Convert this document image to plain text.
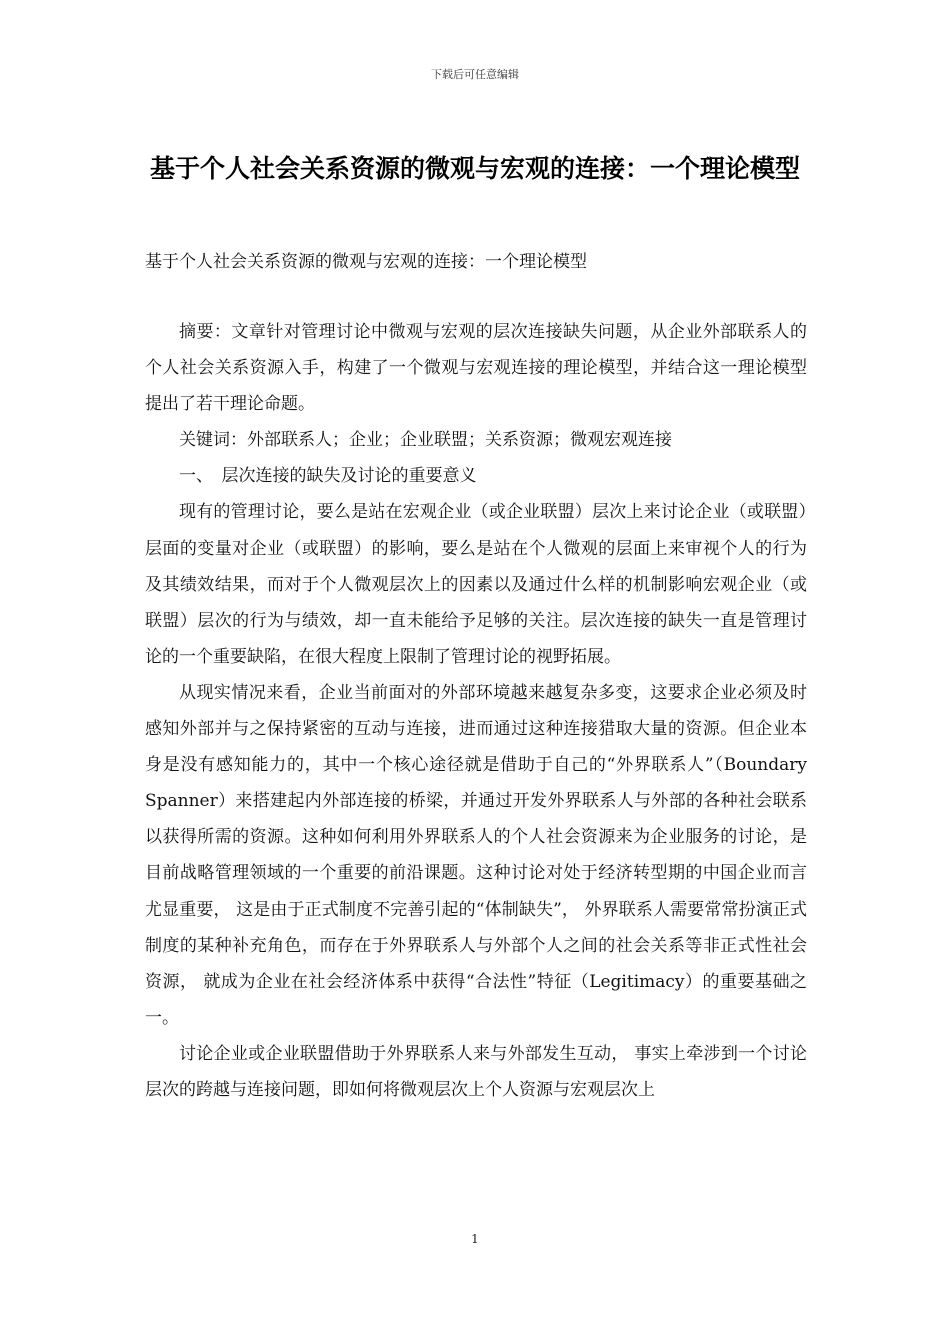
下载后可任意编辑
基于个人社会关系资源的微观与宏观的连接：一个理论模型
基于个人社会关系资源的微观与宏观的连接：一个理论模型

摘要：文章针对管理讨论中微观与宏观的层次连接缺失问题，从企业外部联系人的个人社会关系资源入手，构建了一个微观与宏观连接的理论模型，并结合这一理论模型提出了若干理论命题。

关键词：外部联系人；企业；企业联盟；关系资源；微观宏观连接

一、　层次连接的缺失及讨论的重要意义

现有的管理讨论，要么是站在宏观企业（或企业联盟）层次上来讨论企业（或联盟）层面的变量对企业（或联盟）的影响，要么是站在个人微观的层面上来审视个人的行为及其绩效结果，而对于个人微观层次上的因素以及通过什么样的机制影响宏观企业（或联盟）层次的行为与绩效，却一直未能给予足够的关注。层次连接的缺失一直是管理讨论的一个重要缺陷，在很大程度上限制了管理讨论的视野拓展。

从现实情况来看，企业当前面对的外部环境越来越复杂多变，这要求企业必须及时感知外部并与之保持紧密的互动与连接，进而通过这种连接猎取大量的资源。但企业本身是没有感知能力的，其中一个核心途径就是借助于自己的“外界联系人”（Boundary Spanner）来搭建起内外部连接的桥梁，并通过开发外界联系人与外部的各种社会联系以获得所需的资源。这种如何利用外界联系人的个人社会资源来为企业服务的讨论，是目前战略管理领域的一个重要的前沿课题。这种讨论对处于经济转型期的中国企业而言尤显重要， 这是由于正式制度不完善引起的“体制缺失”， 外界联系人需要常常扮演正式制度的某种补充角色，而存在于外界联系人与外部个人之间的社会关系等非正式性社会资源， 就成为企业在社会经济体系中获得“合法性”特征（Legitimacy）的重要基础之一。

讨论企业或企业联盟借助于外界联系人来与外部发生互动， 事实上牵涉到一个讨论层次的跨越与连接问题，即如何将微观层次上个人资源与宏观层次上

1
